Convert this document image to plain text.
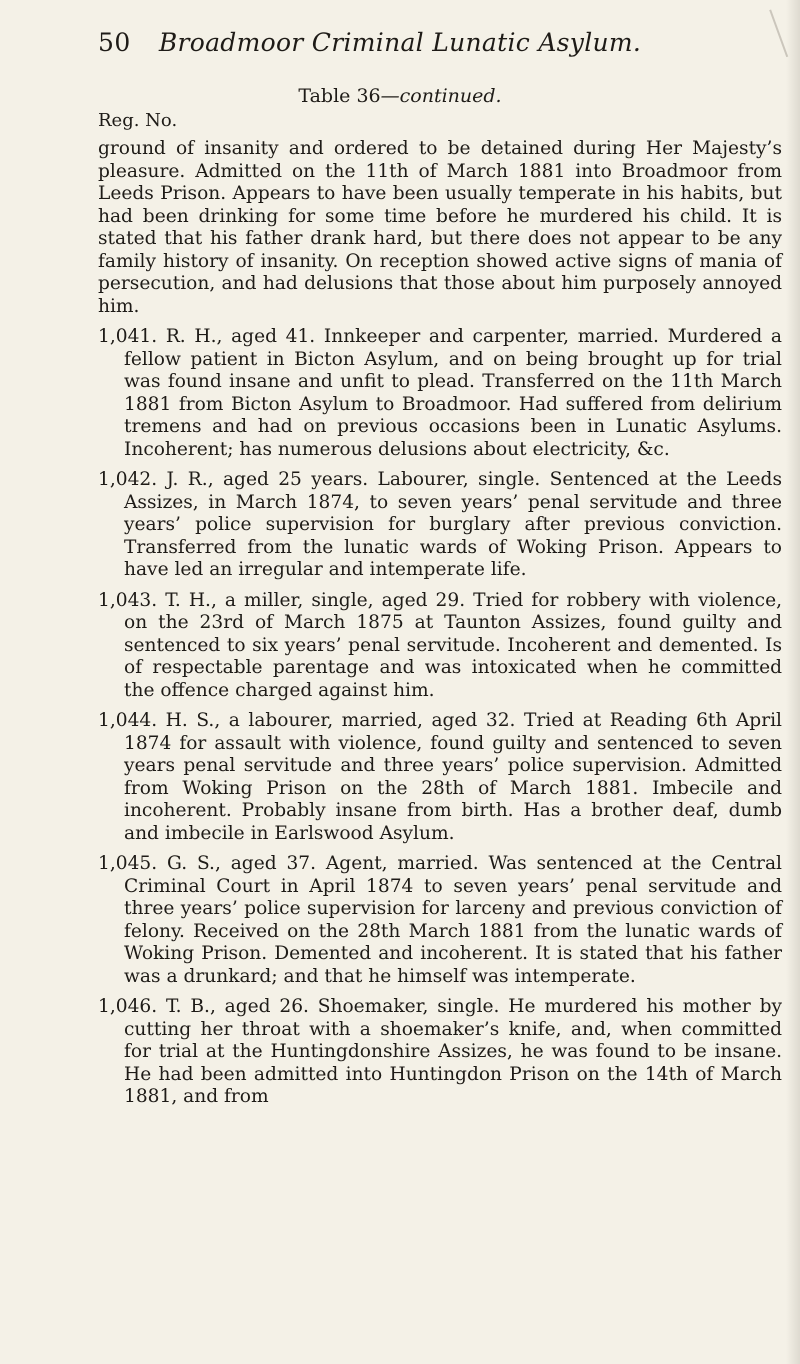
50	Broadmoor Criminal Lunatic Asylum.
Table 36—continued.
Reg. No.

ground of insanity and ordered to be detained during Her Majesty’s pleasure. Admitted on the 11th of March 1881 into Broadmoor from Leeds Prison. Appears to have been usually temperate in his habits, but had been drinking for some time before he murdered his child. It is stated that his father drank hard, but there does not appear to be any family history of insanity. On reception showed active signs of mania of persecution, and had delusions that those about him purposely annoyed him.

1,041. R. H., aged 41. Innkeeper and carpenter, married. Murdered a fellow patient in Bicton Asylum, and on being brought up for trial was found insane and unfit to plead. Transferred on the 11th March 1881 from Bicton Asylum to Broadmoor. Had suffered from delirium tremens and had on previous occasions been in Lunatic Asylums. Incoherent; has numerous delusions about electricity, &c.

1,042. J. R., aged 25 years. Labourer, single. Sentenced at the Leeds Assizes, in March 1874, to seven years’ penal servitude and three years’ police supervision for burglary after previous conviction. Transferred from the lunatic wards of Woking Prison. Appears to have led an irregular and intemperate life.

1,043. T. H., a miller, single, aged 29. Tried for robbery with violence, on the 23rd of March 1875 at Taunton Assizes, found guilty and sentenced to six years’ penal servitude. Incoherent and demented. Is of respectable parentage and was intoxicated when he committed the offence charged against him.

1,044. H. S., a labourer, married, aged 32. Tried at Reading 6th April 1874 for assault with violence, found guilty and sentenced to seven years penal servitude and three years’ police supervision. Admitted from Woking Prison on the 28th of March 1881. Imbecile and incoherent. Probably insane from birth. Has a brother deaf, dumb and imbecile in Earlswood Asylum.

1,045. G. S., aged 37. Agent, married. Was sentenced at the Central Criminal Court in April 1874 to seven years’ penal servitude and three years’ police supervision for larceny and previous conviction of felony. Received on the 28th March 1881 from the lunatic wards of Woking Prison. Demented and incoherent. It is stated that his father was a drunkard; and that he himself was intemperate.

1,046. T. B., aged 26. Shoemaker, single. He murdered his mother by cutting her throat with a shoemaker’s knife, and, when committed for trial at the Huntingdonshire Assizes, he was found to be insane. He had been admitted into Huntingdon Prison on the 14th of March 1881, and from
